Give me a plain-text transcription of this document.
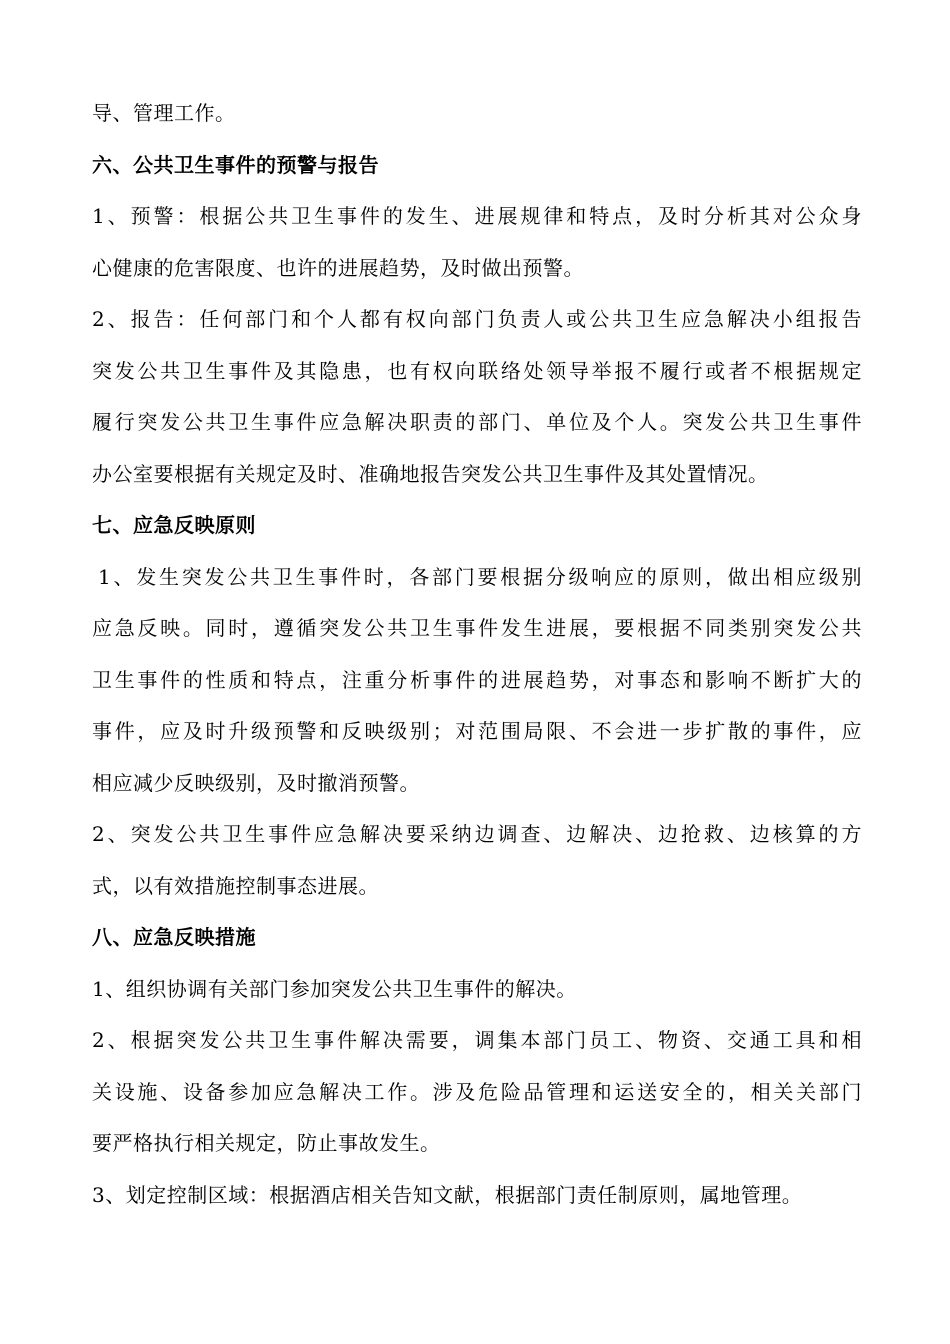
导、管理工作。
六、公共卫生事件的预警与报告
1、预警：根据公共卫生事件的发生、进展规律和特点，及时分析其对公众身
心健康的危害限度、也许的进展趋势，及时做出预警。
2、报告：任何部门和个人都有权向部门负责人或公共卫生应急解决小组报告
突发公共卫生事件及其隐患，也有权向联络处领导举报不履行或者不根据规定
履行突发公共卫生事件应急解决职责的部门、单位及个人。突发公共卫生事件
办公室要根据有关规定及时、准确地报告突发公共卫生事件及其处置情况。
七、应急反映原则
1、发生突发公共卫生事件时，各部门要根据分级响应的原则，做出相应级别
应急反映。同时，遵循突发公共卫生事件发生进展，要根据不同类别突发公共
卫生事件的性质和特点，注重分析事件的进展趋势，对事态和影响不断扩大的
事件，应及时升级预警和反映级别；对范围局限、不会进一步扩散的事件，应
相应减少反映级别，及时撤消预警。
2、突发公共卫生事件应急解决要采纳边调查、边解决、边抢救、边核算的方
式，以有效措施控制事态进展。
八、应急反映措施
1、组织协调有关部门参加突发公共卫生事件的解决。
2、根据突发公共卫生事件解决需要，调集本部门员工、物资、交通工具和相
关设施、设备参加应急解决工作。涉及危险品管理和运送安全的，相关关部门
要严格执行相关规定，防止事故发生。
3、划定控制区域：根据酒店相关告知文献，根据部门责任制原则，属地管理。
